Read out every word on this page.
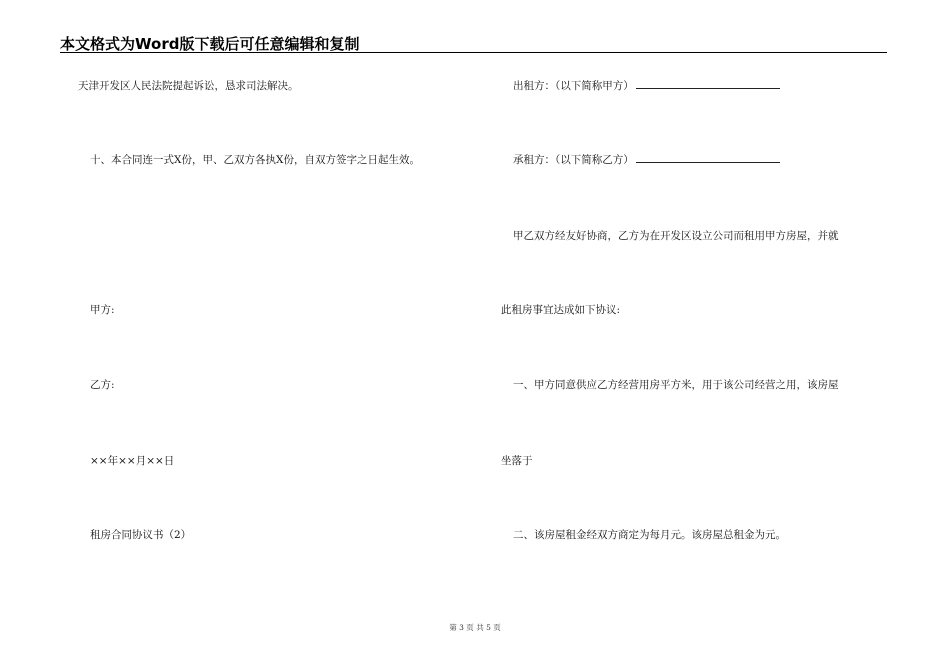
本文格式为Word版下载后可任意编辑和复制
天津开发区人民法院提起诉讼，恳求司法解决。
十、本合同连一式X份，甲、乙双方各执X份，自双方签字之日起生效。
甲方:
乙方:
××年××月××日
租房合同协议书（2）
出租方：（以下简称甲方）
承租方：（以下简称乙方）
甲乙双方经友好协商，乙方为在开发区设立公司而租用甲方房屋，并就
此租房事宜达成如下协议:
一、甲方同意供应乙方经营用房平方米，用于该公司经营之用，该房屋
坐落于
二、该房屋租金经双方商定为每月元。该房屋总租金为元。
第 3 页 共 5 页
